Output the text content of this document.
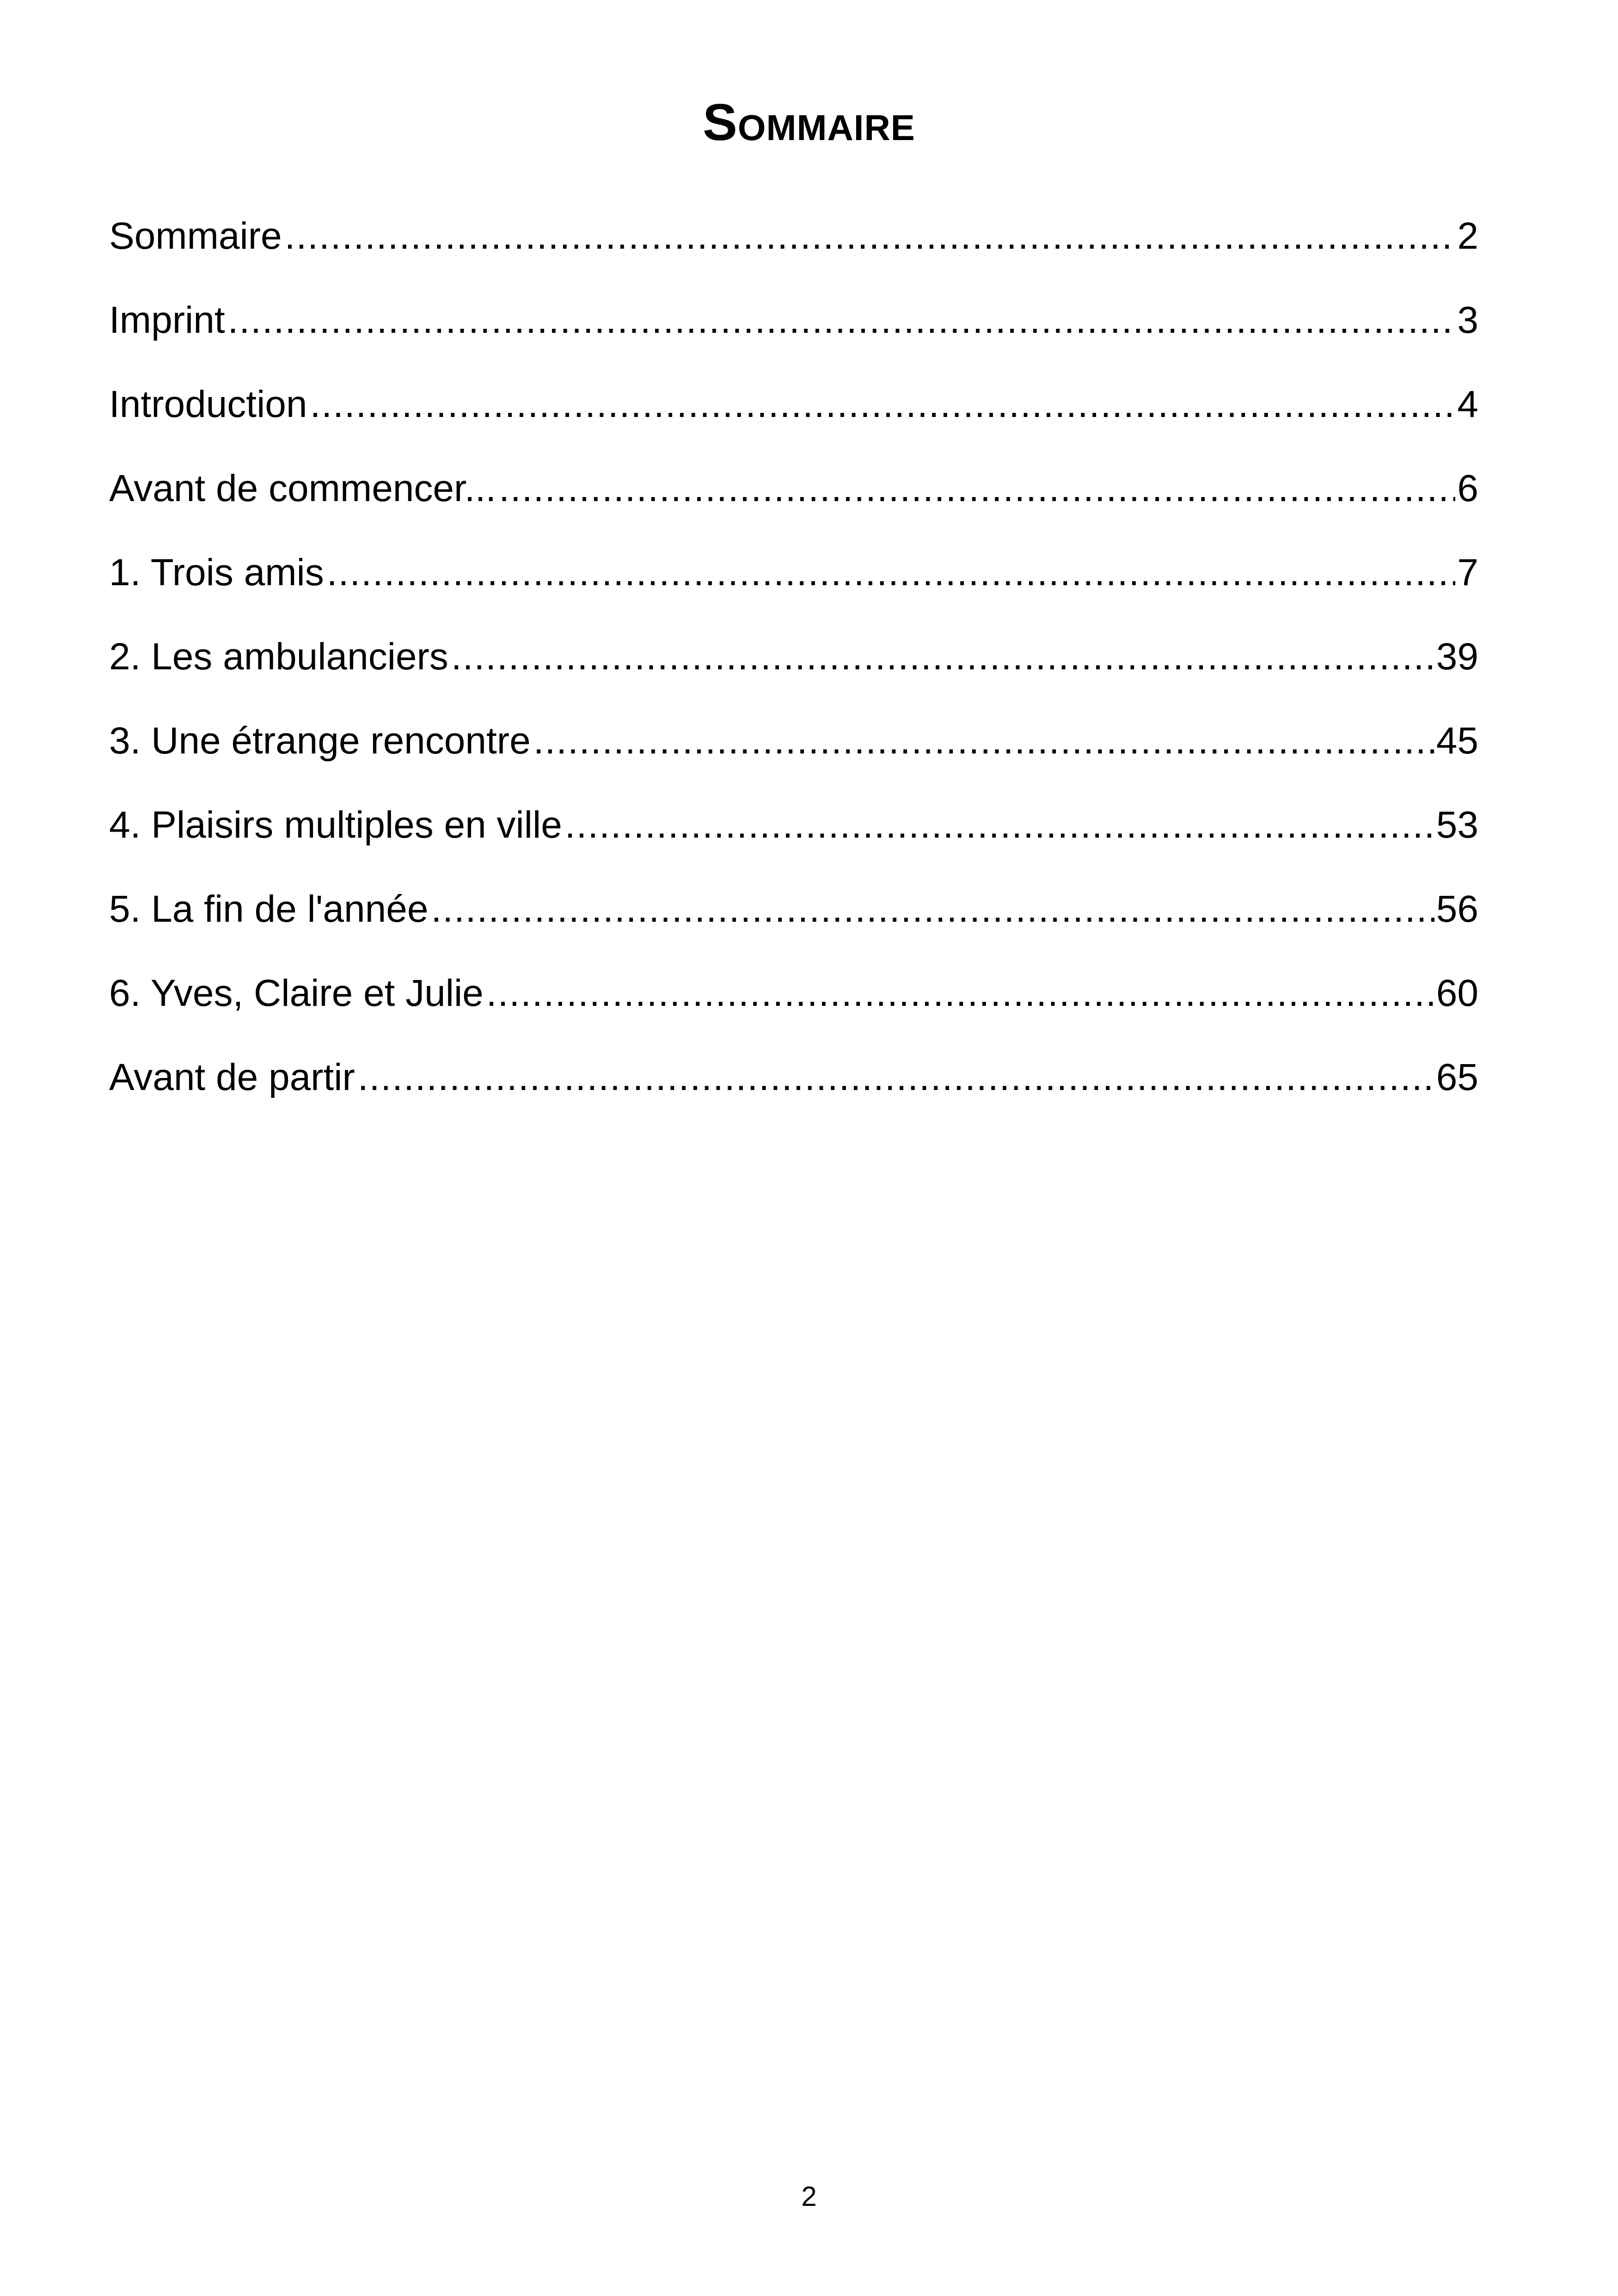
Sommaire
Sommaire .....	2
Imprint .....	3
Introduction .....	4
Avant de commencer... .....	6
1. Trois amis .....	7
2. Les ambulanciers .....	39
3. Une étrange rencontre .....	45
4. Plaisirs multiples en ville .....	53
5. La fin de l'année .....	56
6. Yves, Claire et Julie .....	60
Avant de partir .....	65
2
